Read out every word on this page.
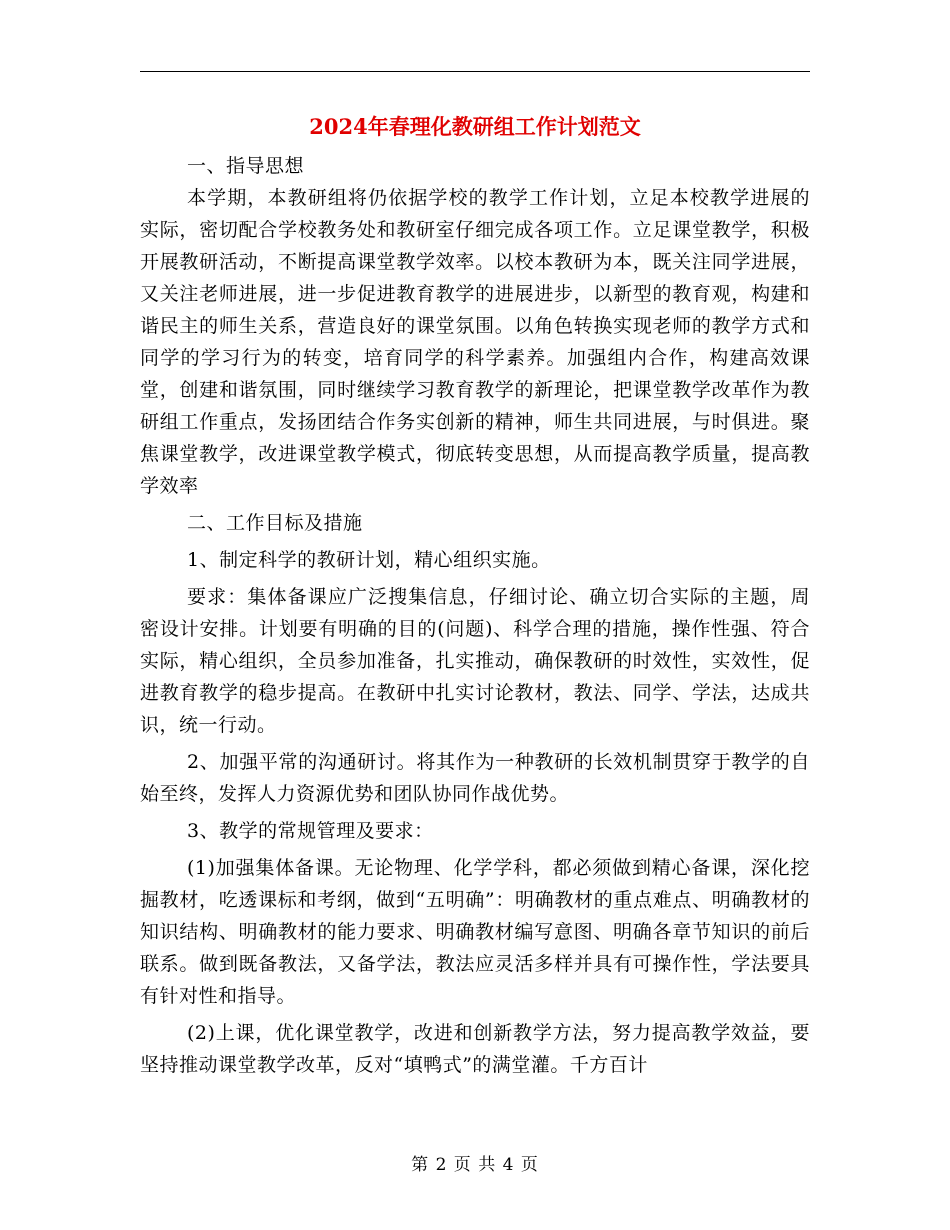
2024年春理化教研组工作计划范文

一、指导思想

本学期，本教研组将仍依据学校的教学工作计划，立足本校教学进展的实际，密切配合学校教务处和教研室仔细完成各项工作。立足课堂教学，积极开展教研活动，不断提高课堂教学效率。以校本教研为本，既关注同学进展，又关注老师进展，进一步促进教育教学的进展进步，以新型的教育观，构建和谐民主的师生关系，营造良好的课堂氛围。以角色转换实现老师的教学方式和同学的学习行为的转变，培育同学的科学素养。加强组内合作，构建高效课堂，创建和谐氛围，同时继续学习教育教学的新理论，把课堂教学改革作为教研组工作重点，发扬团结合作务实创新的精神，师生共同进展，与时俱进。聚焦课堂教学，改进课堂教学模式，彻底转变思想，从而提高教学质量，提高教学效率

二、工作目标及措施

1、制定科学的教研计划，精心组织实施。

要求：集体备课应广泛搜集信息，仔细讨论、确立切合实际的主题，周密设计安排。计划要有明确的目的(问题)、科学合理的措施，操作性强、符合实际，精心组织，全员参加准备，扎实推动，确保教研的时效性，实效性，促进教育教学的稳步提高。在教研中扎实讨论教材，教法、同学、学法，达成共识，统一行动。

2、加强平常的沟通研讨。将其作为一种教研的长效机制贯穿于教学的自始至终，发挥人力资源优势和团队协同作战优势。

3、教学的常规管理及要求：

(1)加强集体备课。无论物理、化学学科，都必须做到精心备课，深化挖掘教材，吃透课标和考纲，做到“五明确”：明确教材的重点难点、明确教材的知识结构、明确教材的能力要求、明确教材编写意图、明确各章节知识的前后联系。做到既备教法，又备学法，教法应灵活多样并具有可操作性，学法要具有针对性和指导。

(2)上课，优化课堂教学，改进和创新教学方法，努力提高教学效益，要坚持推动课堂教学改革，反对“填鸭式”的满堂灌。千方百计

第 2 页 共 4 页
